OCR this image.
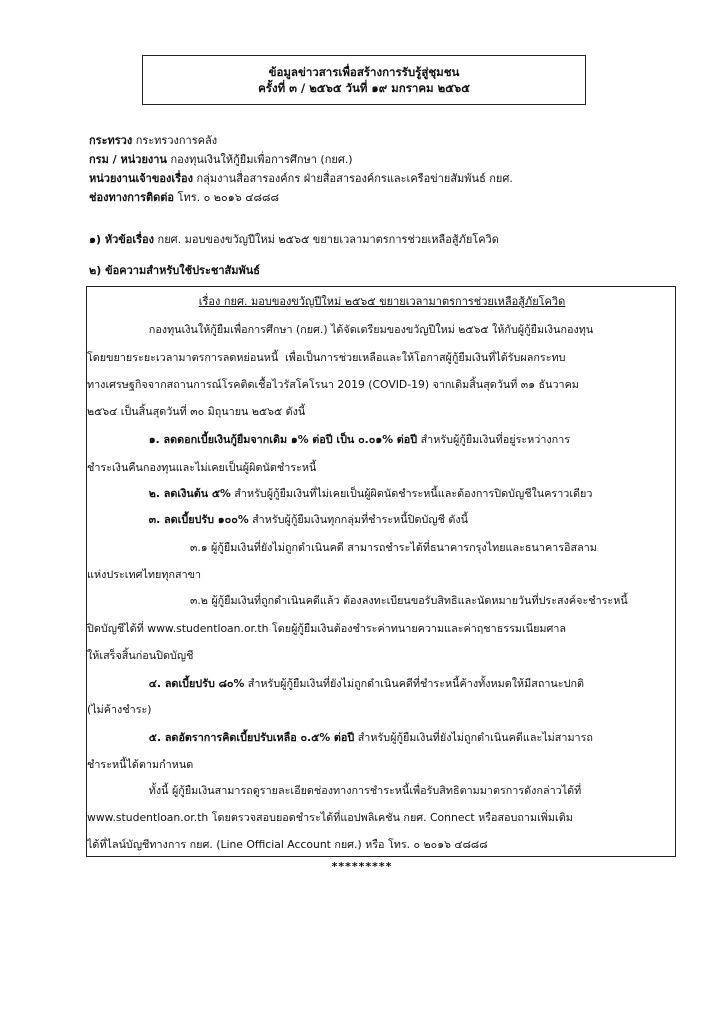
ข้อมูลข่าวสารเพื่อสร้างการรับรู้สู่ชุมชน
ครั้งที่ ๓ / ๒๕๖๕ วันที่ ๑๙ มกราคม ๒๕๖๕
กระทรวง กระทรวงการคลัง
กรม / หน่วยงาน กองทุนเงินให้กู้ยืมเพื่อการศึกษา (กยศ.)
หน่วยงานเจ้าของเรื่อง กลุ่มงานสื่อสารองค์กร ฝ่ายสื่อสารองค์กรและเครือข่ายสัมพันธ์ กยศ.
ช่องทางการติดต่อ โทร. ๐ ๒๐๑๖ ๔๘๘๘
๑) หัวข้อเรื่อง กยศ. มอบของขวัญปีใหม่ ๒๕๖๕ ขยายเวลามาตรการช่วยเหลือสู้ภัยโควิด
๒) ข้อความสำหรับใช้ประชาสัมพันธ์
เรื่อง กยศ. มอบของขวัญปีใหม่ ๒๕๖๕ ขยายเวลามาตรการช่วยเหลือสู้ภัยโควิด
กองทุนเงินให้กู้ยืมเพื่อการศึกษา (กยศ.) ได้จัดเตรียมของขวัญปีใหม่ ๒๕๖๕ ให้กับผู้กู้ยืมเงินกองทุน
โดยขยายระยะเวลามาตรการลดหย่อนหนี้  เพื่อเป็นการช่วยเหลือและให้โอกาสผู้กู้ยืมเงินที่ได้รับผลกระทบ
ทางเศรษฐกิจจากสถานการณ์โรคติดเชื้อไวรัสโคโรนา 2019 (COVID-19) จากเดิมสิ้นสุดวันที่ ๓๑ ธันวาคม
๒๕๖๔ เป็นสิ้นสุดวันที่ ๓๐ มิถุนายน ๒๕๖๕ ดังนี้
๑. ลดดอกเบี้ยเงินกู้ยืมจากเดิม ๑% ต่อปี เป็น ๐.๐๑% ต่อปี สำหรับผู้กู้ยืมเงินที่อยู่ระหว่างการ
ชำระเงินคืนกองทุนและไม่เคยเป็นผู้ผิดนัดชำระหนี้
๒. ลดเงินต้น ๕% สำหรับผู้กู้ยืมเงินที่ไม่เคยเป็นผู้ผิดนัดชำระหนี้และต้องการปิดบัญชีในคราวเดียว
๓. ลดเบี้ยปรับ ๑๐๐% สำหรับผู้กู้ยืมเงินทุกกลุ่มที่ชำระหนี้ปิดบัญชี ดังนี้
๓.๑ ผู้กู้ยืมเงินที่ยังไม่ถูกดำเนินคดี สามารถชำระได้ที่ธนาคารกรุงไทยและธนาคารอิสลาม
แห่งประเทศไทยทุกสาขา
๓.๒ ผู้กู้ยืมเงินที่ถูกดำเนินคดีแล้ว ต้องลงทะเบียนขอรับสิทธิและนัดหมายวันที่ประสงค์จะชำระหนี้
ปิดบัญชีได้ที่ www.studentloan.or.th โดยผู้กู้ยืมเงินต้องชำระค่าทนายความและค่าฤชาธรรมเนียมศาล
ให้เสร็จสิ้นก่อนปิดบัญชี
๔. ลดเบี้ยปรับ ๘๐% สำหรับผู้กู้ยืมเงินที่ยังไม่ถูกดำเนินคดีที่ชำระหนี้ค้างทั้งหมดให้มีสถานะปกติ
(ไม่ค้างชำระ)
๕. ลดอัตราการคิดเบี้ยปรับเหลือ ๐.๕% ต่อปี สำหรับผู้กู้ยืมเงินที่ยังไม่ถูกดำเนินคดีและไม่สามารถ
ชำระหนี้ได้ตามกำหนด
ทั้งนี้ ผู้กู้ยืมเงินสามารถดูรายละเอียดช่องทางการชำระหนี้เพื่อรับสิทธิตามมาตรการดังกล่าวได้ที่
www.studentloan.or.th โดยตรวจสอบยอดชำระได้ที่แอปพลิเคชัน กยศ. Connect หรือสอบถามเพิ่มเติม
ได้ที่ไลน์บัญชีทางการ กยศ. (Line Official Account กยศ.) หรือ โทร. ๐ ๒๐๑๖ ๔๘๘๘
*********
